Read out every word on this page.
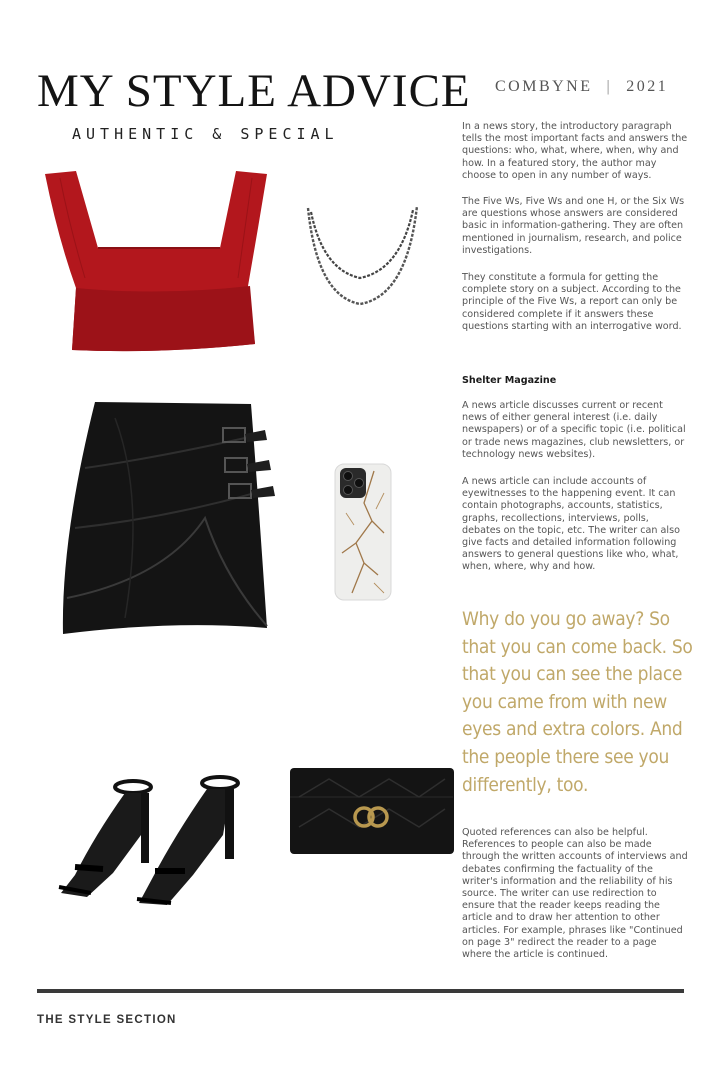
MY STYLE ADVICE
AUTHENTIC & SPECIAL
COMBYNE | 2021

In a news story, the introductory paragraph tells the most important facts and answers the questions: who, what, where, when, why and how. In a featured story, the author may choose to open in any number of ways.

The Five Ws, Five Ws and one H, or the Six Ws are questions whose answers are considered basic in information-gathering. They are often mentioned in journalism, research, and police investigations.

They constitute a formula for getting the complete story on a subject. According to the principle of the Five Ws, a report can only be considered complete if it answers these questions starting with an interrogative word.

Shelter Magazine

A news article discusses current or recent news of either general interest (i.e. daily newspapers) or of a specific topic (i.e. political or trade news magazines, club newsletters, or technology news websites).

A news article can include accounts of eyewitnesses to the happening event. It can contain photographs, accounts, statistics, graphs, recollections, interviews, polls, debates on the topic, etc. The writer can also give facts and detailed information following answers to general questions like who, what, when, where, why and how.

Why do you go away? So that you can come back. So that you can see the place you came from with new eyes and extra colors. And the people there see you differently, too.

Quoted references can also be helpful. References to people can also be made through the written accounts of interviews and debates confirming the factuality of the writer's information and the reliability of his source. The writer can use redirection to ensure that the reader keeps reading the article and to draw her attention to other articles. For example, phrases like "Continued on page 3" redirect the reader to a page where the article is continued.

THE STYLE SECTION
